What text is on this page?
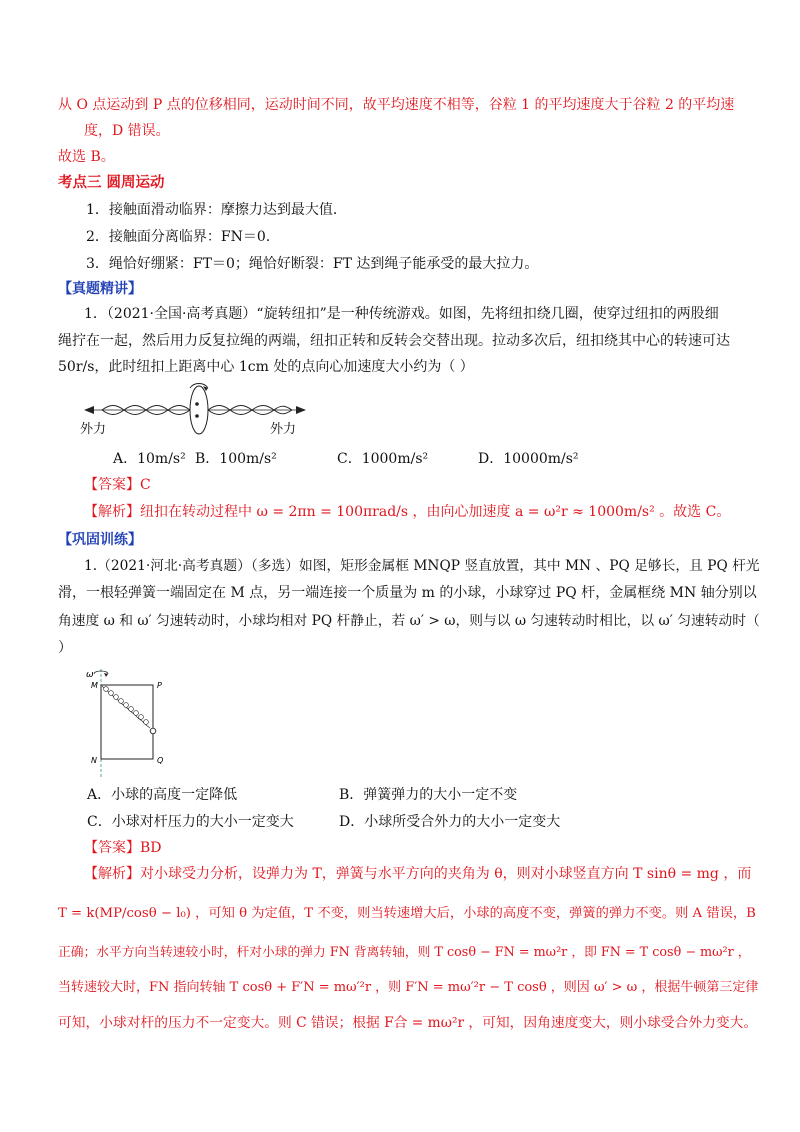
从 O 点运动到 P 点的位移相同，运动时间不同，故平均速度不相等，谷粒 1 的平均速度大于谷粒 2 的平均速
度，D 错误。
故选 B。
考点三 圆周运动
1．接触面滑动临界：摩擦力达到最大值．
2．接触面分离临界：FN＝0.
3．绳恰好绷紧：FT＝0；绳恰好断裂：FT 达到绳子能承受的最大拉力。
【真题精讲】
1．（2021·全国·高考真题）“旋转纽扣”是一种传统游戏。如图，先将纽扣绕几圈，使穿过纽扣的两股细
绳拧在一起，然后用力反复拉绳的两端，纽扣正转和反转会交替出现。拉动多次后，纽扣绕其中心的转速可达
50r/s，此时纽扣上距离中心 1cm 处的点向心加速度大小约为（ ）
外力	外力
A．10m/s² B．100m/s²	C．1000m/s²	D．10000m/s²
【答案】C
【解析】纽扣在转动过程中 ω = 2πn = 100πrad/s ，由向心加速度 a = ω²r ≈ 1000m/s² 。故选 C。
【巩固训练】
1.（2021·河北·高考真题）（多选）如图，矩形金属框 MNQP 竖直放置，其中 MN 、PQ 足够长，且 PQ 杆光
滑，一根轻弹簧一端固定在 M 点，另一端连接一个质量为 m 的小球，小球穿过 PQ 杆，金属框绕 MN 轴分别以
角速度 ω 和 ω′ 匀速转动时，小球均相对 PQ 杆静止，若 ω′ > ω，则与以 ω 匀速转动时相比，以 ω′ 匀速转动时（
）
ω
M	P
N	Q
A．小球的高度一定降低	B．弹簧弹力的大小一定不变
C．小球对杆压力的大小一定变大	D．小球所受合外力的大小一定变大
【答案】BD
【解析】对小球受力分析，设弹力为 T，弹簧与水平方向的夹角为 θ，则对小球竖直方向 T sinθ = mg ，而
T = k(MP/cosθ − l₀) ，可知 θ 为定值，T 不变，则当转速增大后，小球的高度不变，弹簧的弹力不变。则 A 错误，B
正确；水平方向当转速较小时，杆对小球的弹力 FN 背离转轴，则 T cosθ − FN = mω²r ，即 FN = T cosθ − mω²r ，
当转速较大时，FN 指向转轴 T cosθ + F′N = mω′²r ，则 F′N = mω′²r − T cosθ ，则因 ω′ > ω ，根据牛顿第三定律
可知，小球对杆的压力不一定变大。则 C 错误；根据 F合 = mω²r ，可知，因角速度变大，则小球受合外力变大。
